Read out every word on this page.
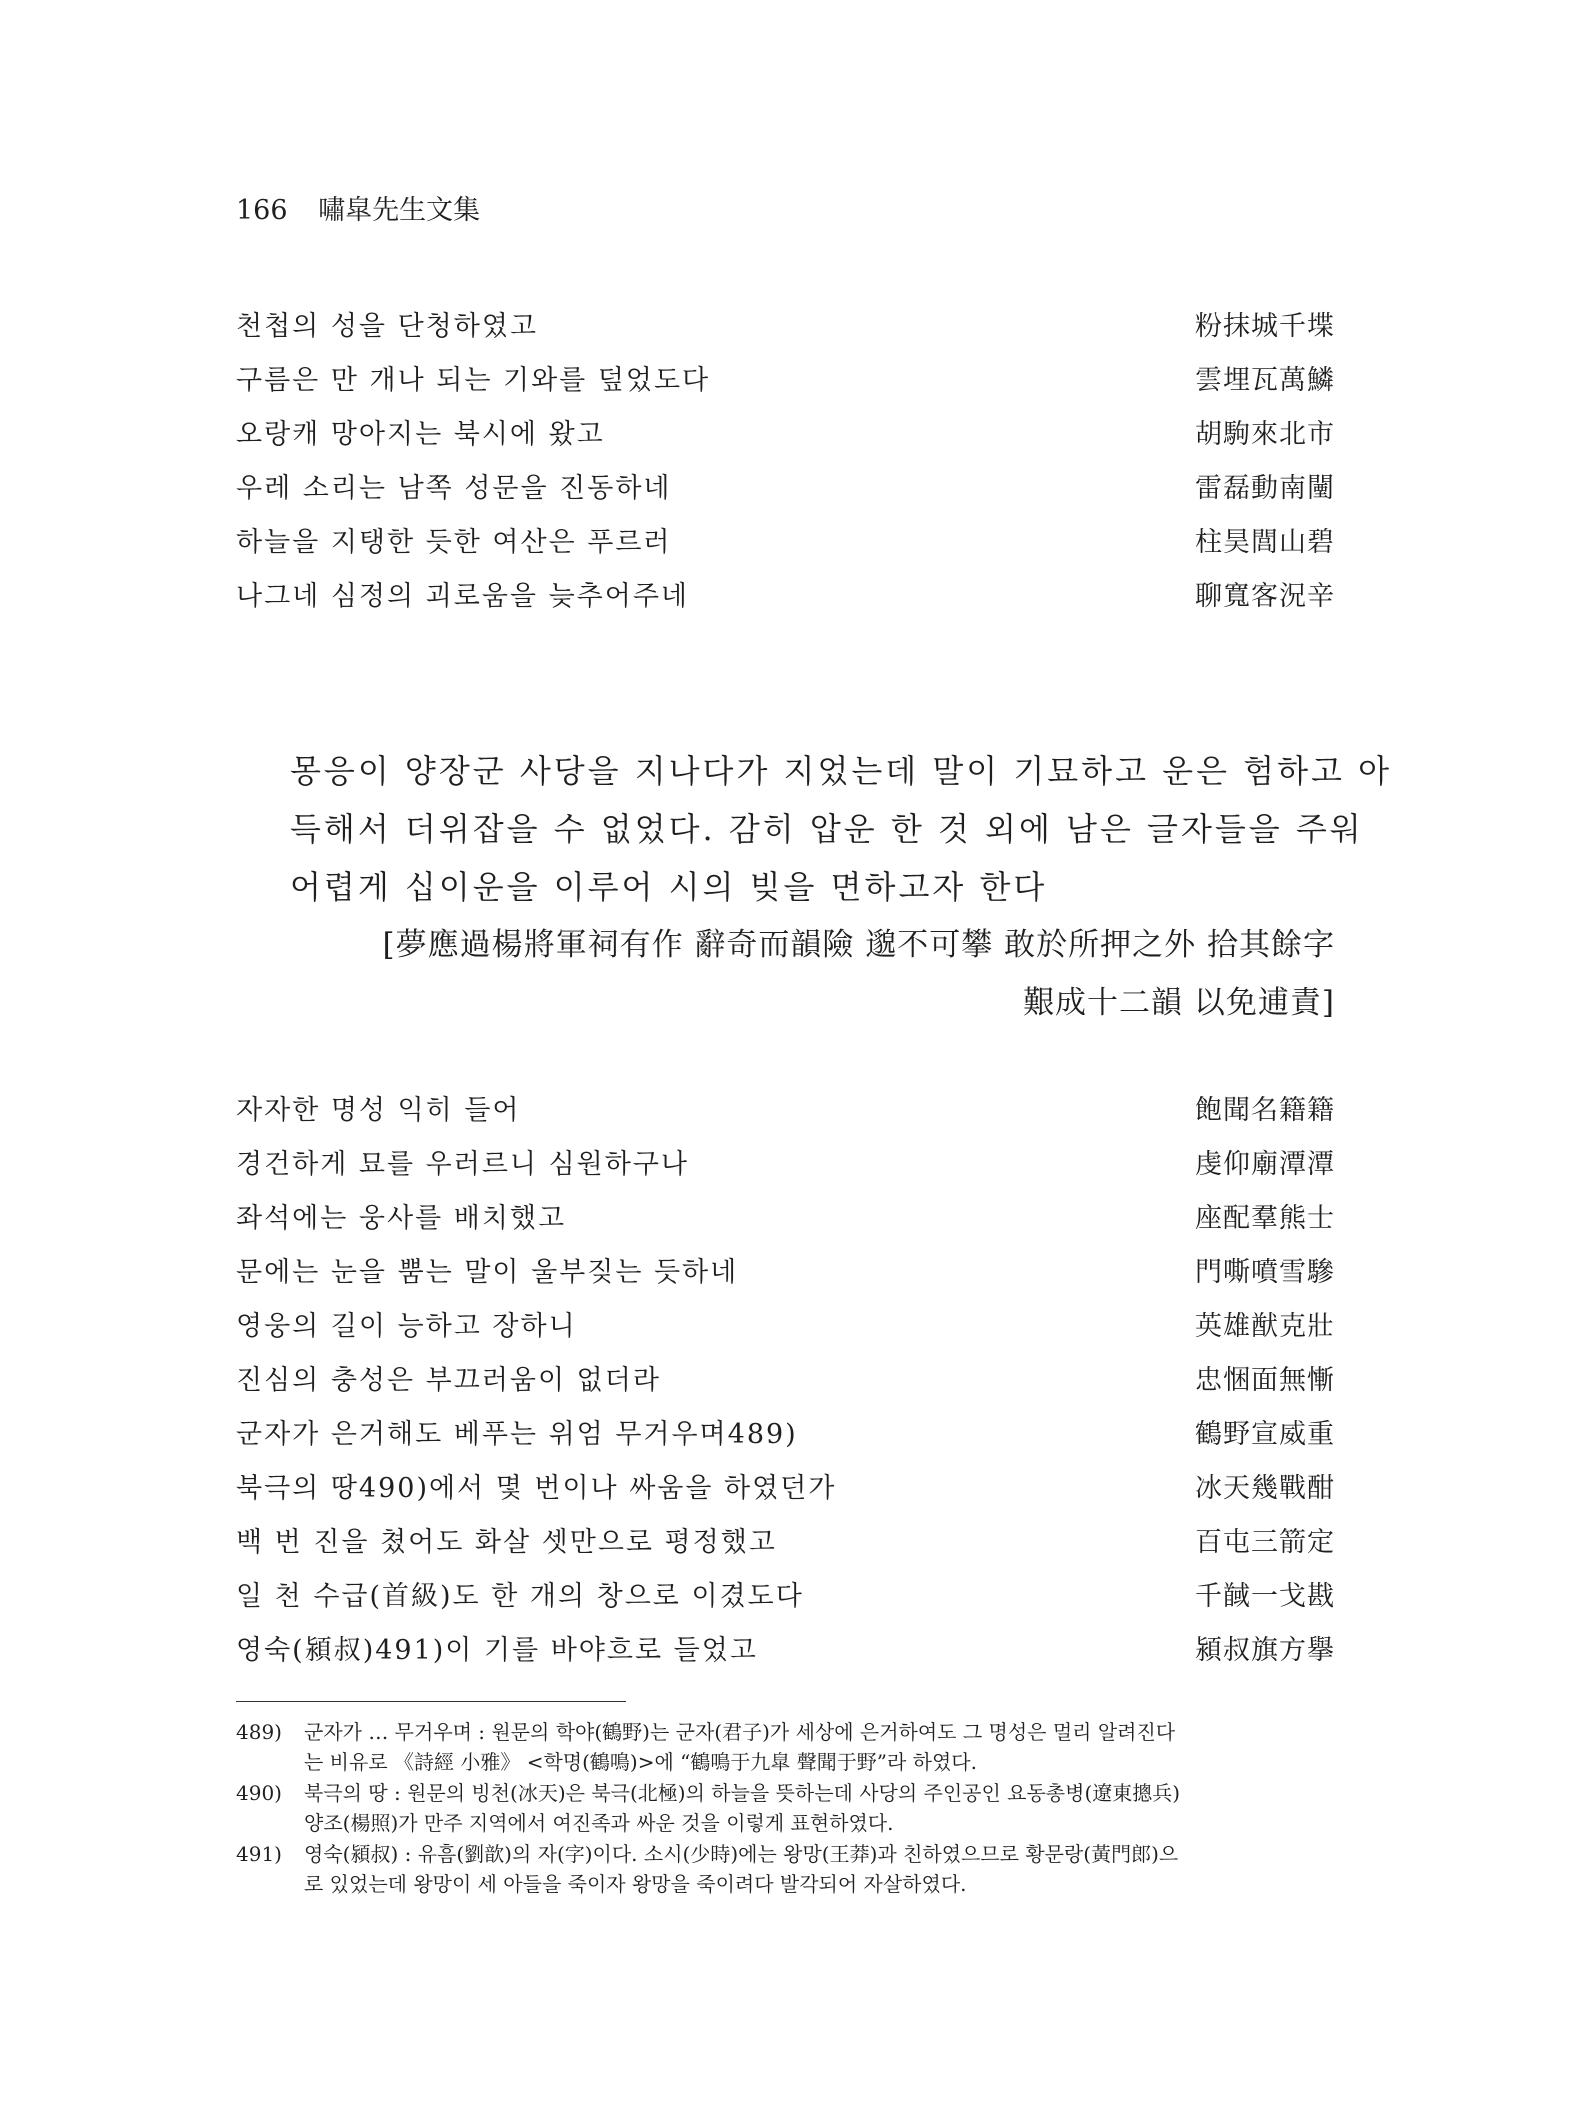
166 嘯皐先生文集
천첩의 성을 단청하였고	粉抹城千堞
구름은 만 개나 되는 기와를 덮었도다	雲埋瓦萬鱗
오랑캐 망아지는 북시에 왔고	胡駒來北市
우레 소리는 남쪽 성문을 진동하네	雷磊動南闉
하늘을 지탱한 듯한 여산은 푸르러	柱昊閭山碧
나그네 심정의 괴로움을 늦추어주네	聊寬客況辛
몽응이 양장군 사당을 지나다가 지었는데 말이 기묘하고 운은 험하고 아
득해서 더위잡을 수 없었다. 감히 압운 한 것 외에 남은 글자들을 주워
어렵게 십이운을 이루어 시의 빚을 면하고자 한다
[夢應過楊將軍祠有作 辭奇而韻險 邈不可攀 敢於所押之外 拾其餘字
艱成十二韻 以免逋責]
자자한 명성 익히 들어	飽聞名籍籍
경건하게 묘를 우러르니 심원하구나	虔仰廟潭潭
좌석에는 웅사를 배치했고	座配羣熊士
문에는 눈을 뿜는 말이 울부짖는 듯하네	門嘶噴雪驂
영웅의 길이 능하고 장하니	英雄猷克壯
진심의 충성은 부끄러움이 없더라	忠悃面無慚
군자가 은거해도 베푸는 위엄 무거우며489)	鶴野宣威重
북극의 땅490)에서 몇 번이나 싸움을 하였던가	冰天幾戰酣
백 번 진을 쳤어도 화살 셋만으로 평정했고	百屯三箭定
일 천 수급(首級)도 한 개의 창으로 이겼도다	千馘一戈戡
영숙(潁叔)491)이 기를 바야흐로 들었고	潁叔旗方擧
489)	군자가 … 무거우며 : 원문의 학야(鶴野)는 군자(君子)가 세상에 은거하여도 그 명성은 멀리 알려진다
는 비유로 《詩經 小雅》 <학명(鶴鳴)>에 “鶴鳴于九皐 聲聞于野”라 하였다.
490)	북극의 땅 : 원문의 빙천(冰天)은 북극(北極)의 하늘을 뜻하는데 사당의 주인공인 요동총병(遼東摠兵)
양조(楊照)가 만주 지역에서 여진족과 싸운 것을 이렇게 표현하였다.
491)	영숙(潁叔) : 유흠(劉歆)의 자(字)이다. 소시(少時)에는 왕망(王莽)과 친하였으므로 황문랑(黃門郎)으
로 있었는데 왕망이 세 아들을 죽이자 왕망을 죽이려다 발각되어 자살하였다.
